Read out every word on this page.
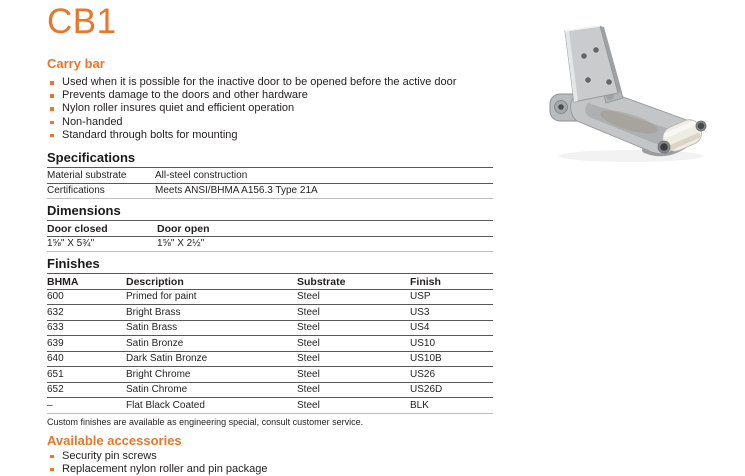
CB1
Carry bar
Used when it is possible for the inactive door to be opened before the active door
Prevents damage to the doors and other hardware
Nylon roller insures quiet and efficient operation
Non-handed
Standard through bolts for mounting
Specifications
Material substrate	All-steel construction
Certifications	Meets ANSI/BHMA A156.3 Type 21A
Dimensions
Door closed	Door open
1⅝" X 5¾"	1⅝" X 2½"
Finishes
BHMA	Description	Substrate	Finish
600	Primed for paint	Steel	USP
632	Bright Brass	Steel	US3
633	Satin Brass	Steel	US4
639	Satin Bronze	Steel	US10
640	Dark Satin Bronze	Steel	US10B
651	Bright Chrome	Steel	US26
652	Satin Chrome	Steel	US26D
–	Flat Black Coated	Steel	BLK

Custom finishes are available as engineering special, consult customer service.

Available accessories
Security pin screws
Replacement nylon roller and pin package
